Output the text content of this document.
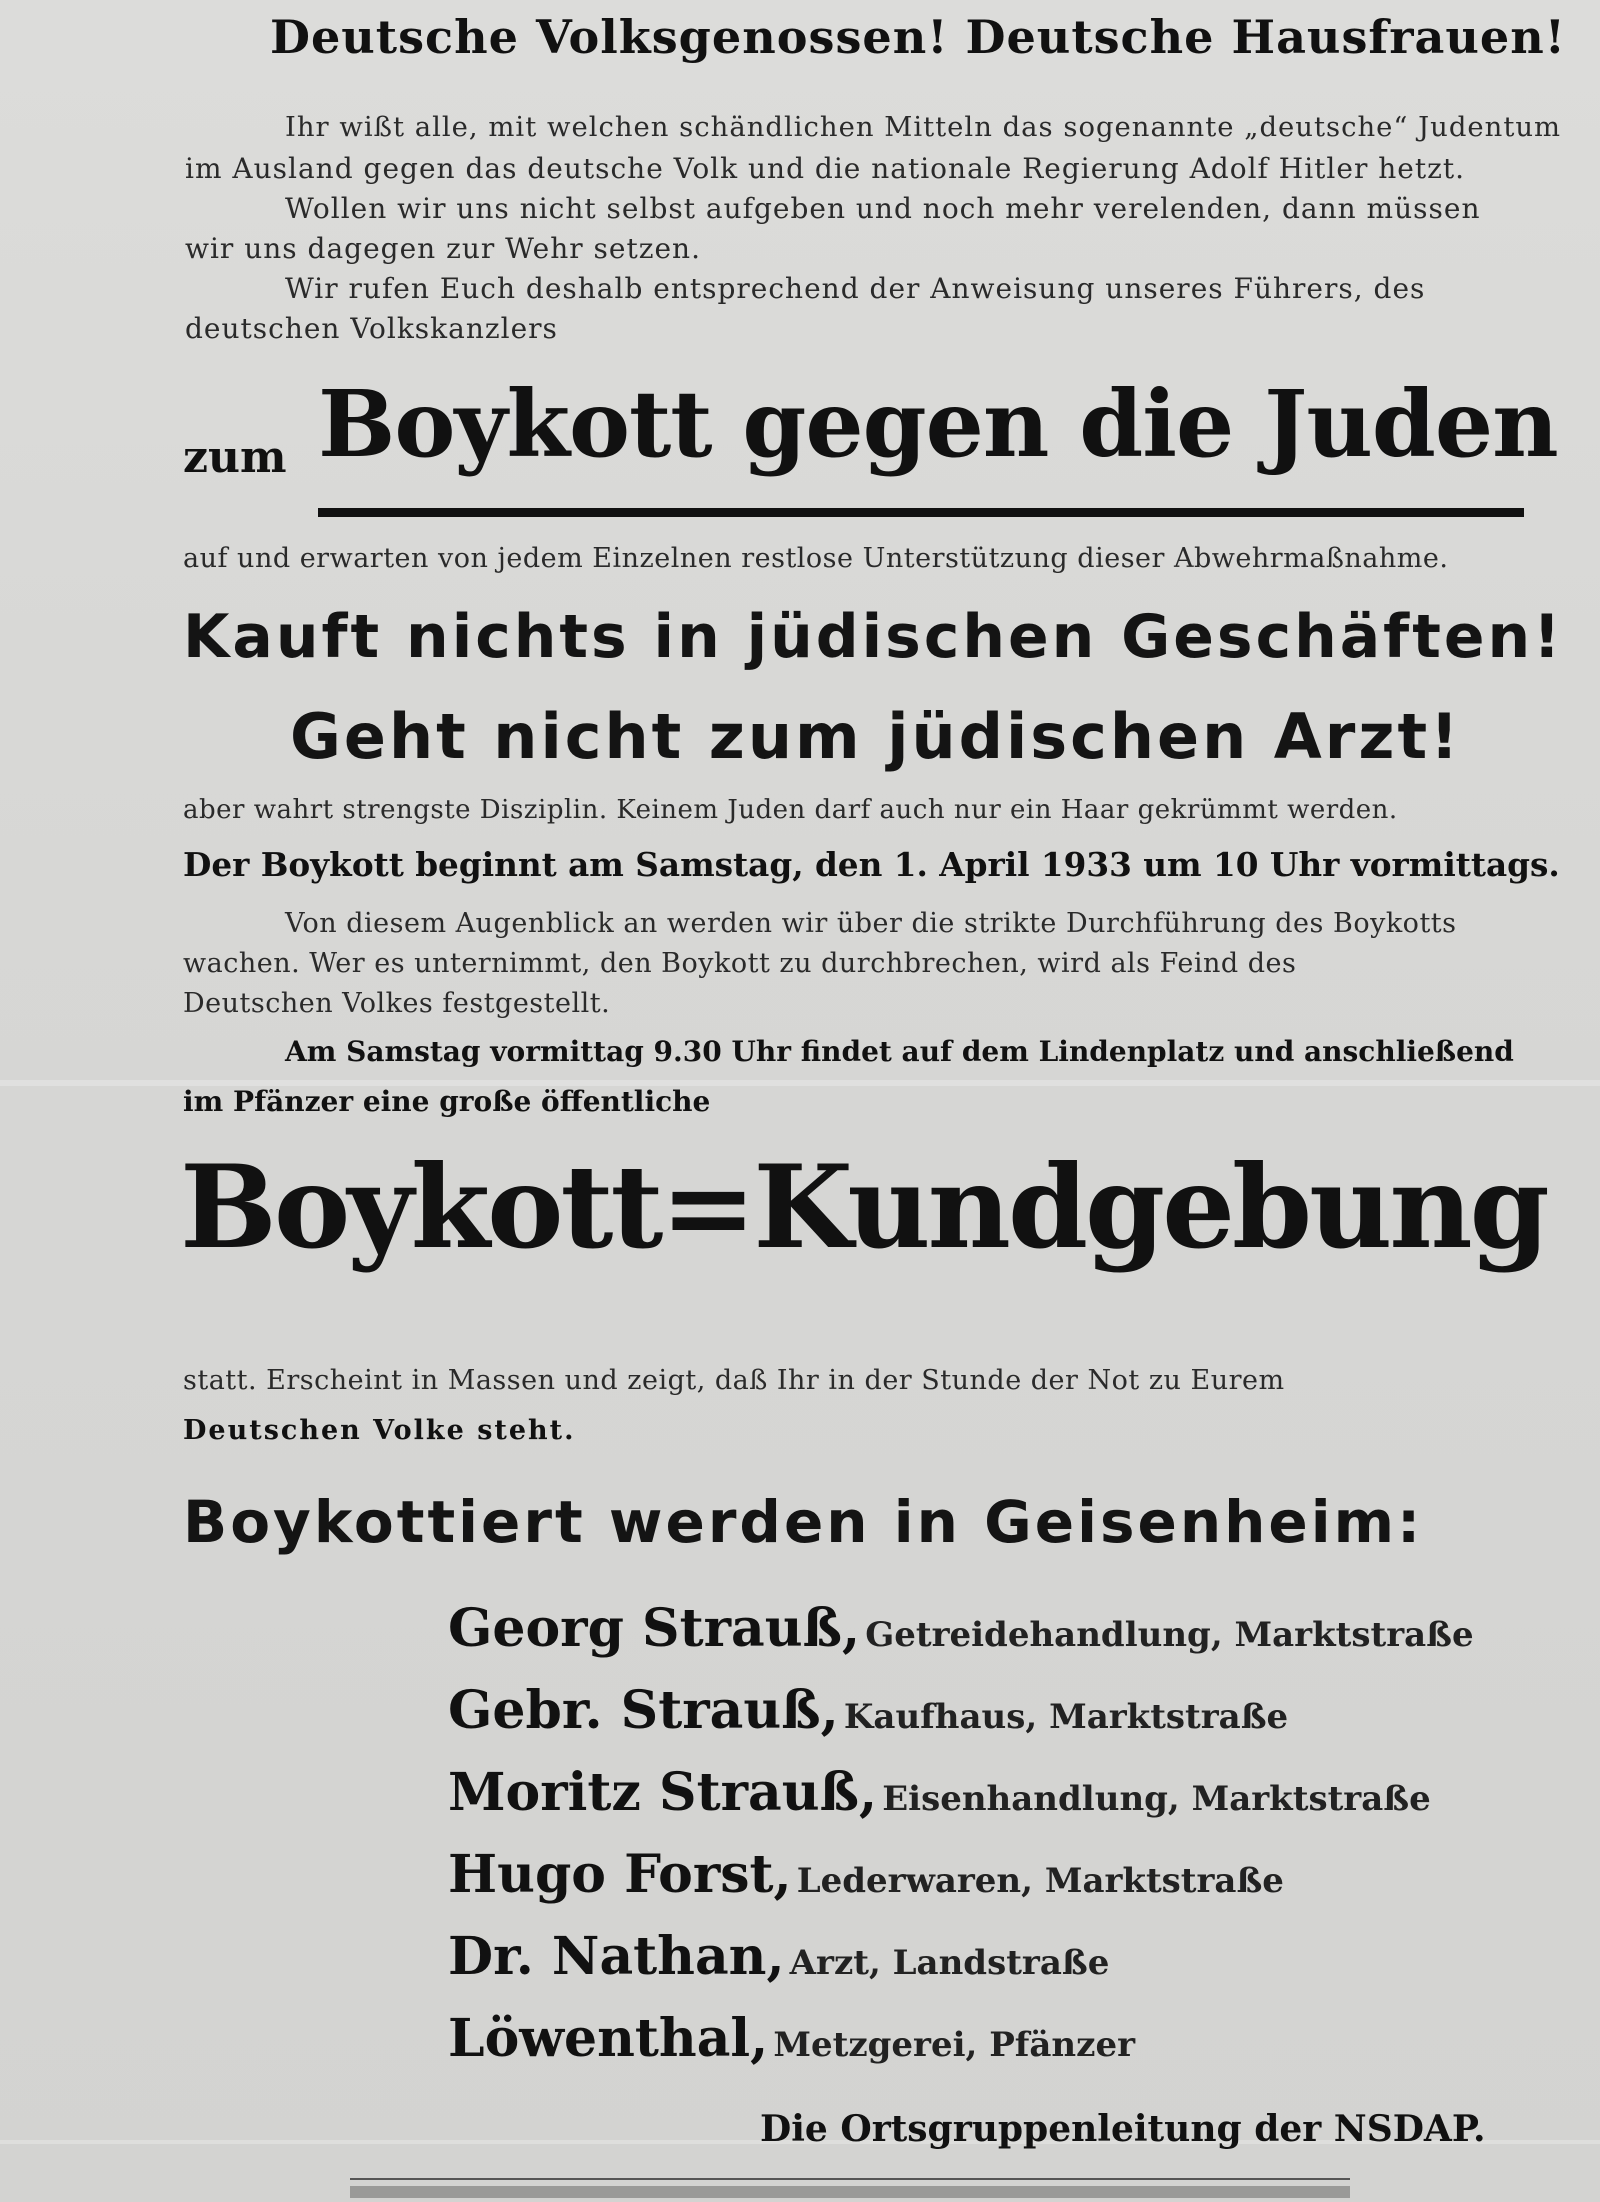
Deutsche Volksgenossen! Deutsche Hausfrauen!
Ihr wißt alle, mit welchen schändlichen Mitteln das sogenannte „deutsche“ Judentum
im Ausland gegen das deutsche Volk und die nationale Regierung Adolf Hitler hetzt.
Wollen wir uns nicht selbst aufgeben und noch mehr verelenden, dann müssen
wir uns dagegen zur Wehr setzen.
Wir rufen Euch deshalb entsprechend der Anweisung unseres Führers, des
deutschen Volkskanzlers
zum Boykott gegen die Juden
auf und erwarten von jedem Einzelnen restlose Unterstützung dieser Abwehrmaßnahme.
Kauft nichts in jüdischen Geschäften!
Geht nicht zum jüdischen Arzt!
aber wahrt strengste Disziplin. Keinem Juden darf auch nur ein Haar gekrümmt werden.
Der Boykott beginnt am Samstag, den 1. April 1933 um 10 Uhr vormittags.
Von diesem Augenblick an werden wir über die strikte Durchführung des Boykotts
wachen. Wer es unternimmt, den Boykott zu durchbrechen, wird als Feind des
Deutschen Volkes festgestellt.
Am Samstag vormittag 9.30 Uhr findet auf dem Lindenplatz und anschließend
im Pfänzer eine große öffentliche
Boykott=Kundgebung
statt. Erscheint in Massen und zeigt, daß Ihr in der Stunde der Not zu Eurem
Deutschen Volke steht.
Boykottiert werden in Geisenheim:
Georg Strauß, Getreidehandlung, Marktstraße
Gebr. Strauß, Kaufhaus, Marktstraße
Moritz Strauß, Eisenhandlung, Marktstraße
Hugo Forst, Lederwaren, Marktstraße
Dr. Nathan, Arzt, Landstraße
Löwenthal, Metzgerei, Pfänzer
Die Ortsgruppenleitung der NSDAP.
